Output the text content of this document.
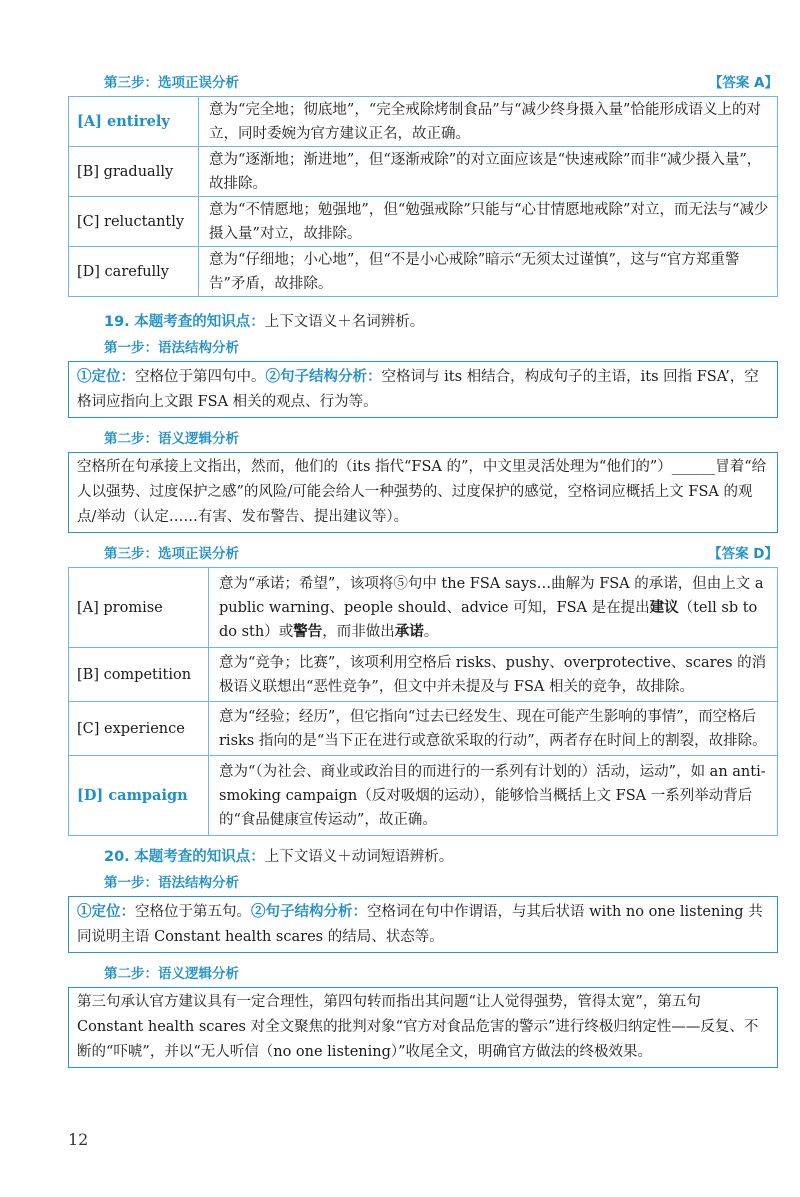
第三步：选项正误分析	【答案 A】
[A] entirely	意为“完全地；彻底地”，“完全戒除烤制食品”与“减少终身摄入量”恰能形成语义上的对立，同时委婉为官方建议正名，故正确。
[B] gradually	意为“逐渐地；渐进地”，但“逐渐戒除”的对立面应该是“快速戒除”而非“减少摄入量”，故排除。
[C] reluctantly	意为“不情愿地；勉强地”，但“勉强戒除”只能与“心甘情愿地戒除”对立，而无法与“减少摄入量”对立，故排除。
[D] carefully	意为“仔细地；小心地”，但“不是小心戒除”暗示“无须太过谨慎”，这与“官方郑重警告”矛盾，故排除。
19. 本题考查的知识点：上下文语义＋名词辨析。
第一步：语法结构分析
①定位：空格位于第四句中。②句子结构分析：空格词与 its 相结合，构成句子的主语，its 回指 FSA’，空格词应指向上文跟 FSA 相关的观点、行为等。
第二步：语义逻辑分析
空格所在句承接上文指出，然而，他们的（its 指代“FSA 的”，中文里灵活处理为“他们的”）______冒着“给人以强势、过度保护之感”的风险/可能会给人一种强势的、过度保护的感觉，空格词应概括上文 FSA 的观点/举动（认定……有害、发布警告、提出建议等）。
第三步：选项正误分析	【答案 D】
[A] promise	意为“承诺；希望”，该项将⑤句中 the FSA says…曲解为 FSA 的承诺，但由上文 a public warning、people should、advice 可知，FSA 是在提出建议（tell sb to do sth）或警告，而非做出承诺。
[B] competition	意为“竞争；比赛”，该项利用空格后 risks、pushy、overprotective、scares 的消极语义联想出“恶性竞争”，但文中并未提及与 FSA 相关的竞争，故排除。
[C] experience	意为“经验；经历”，但它指向“过去已经发生、现在可能产生影响的事情”，而空格后 risks 指向的是“当下正在进行或意欲采取的行动”，两者存在时间上的割裂，故排除。
[D] campaign	意为“（为社会、商业或政治目的而进行的一系列有计划的）活动，运动”，如 an anti-smoking campaign（反对吸烟的运动），能够恰当概括上文 FSA 一系列举动背后的“食品健康宣传运动”，故正确。
20. 本题考查的知识点：上下文语义＋动词短语辨析。
第一步：语法结构分析
①定位：空格位于第五句。②句子结构分析：空格词在句中作谓语，与其后状语 with no one listening 共同说明主语 Constant health scares 的结局、状态等。
第二步：语义逻辑分析
第三句承认官方建议具有一定合理性，第四句转而指出其问题“让人觉得强势，管得太宽”，第五句 Constant health scares 对全文聚焦的批判对象“官方对食品危害的警示”进行终极归纳定性——反复、不断的“吓唬”，并以“无人听信（no one listening）”收尾全文，明确官方做法的终极效果。
12
